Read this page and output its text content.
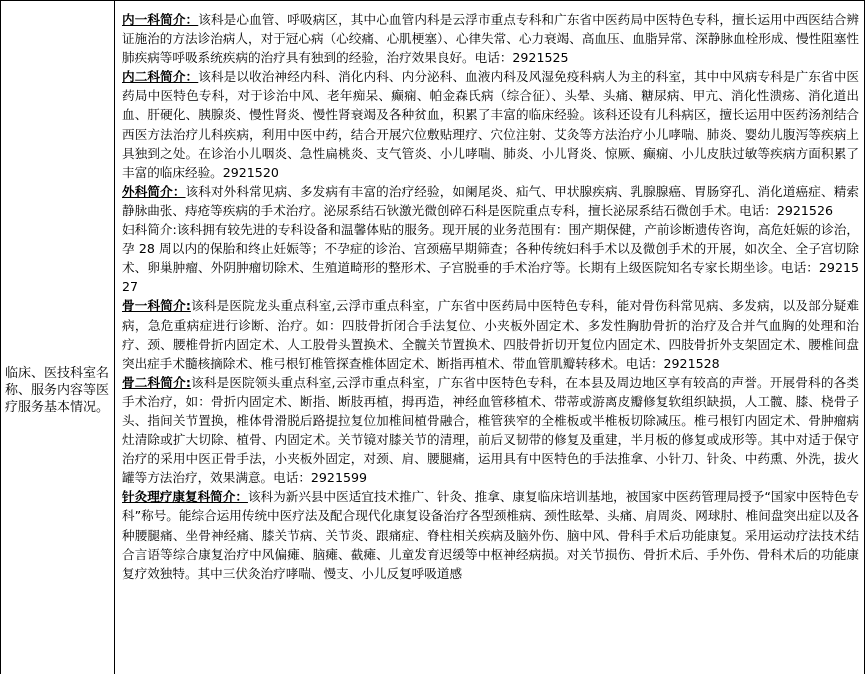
临床、医技科室名称、服务内容等医疗服务基本情况。

内一科简介：该科是心血管、呼吸病区，其中心血管内科是云浮市重点专科和广东省中医药局中医特色专科，擅长运用中西医结合辨证施治的方法诊治病人，对于冠心病（心绞痛、心肌梗塞）、心律失常、心力衰竭、高血压、血脂异常、深静脉血栓形成、慢性阻塞性肺疾病等呼吸系统疾病的治疗具有独到的经验，治疗效果良好。电话：2921525

内二科简介：该科是以收治神经内科、消化内科、内分泌科、血液内科及风湿免疫科病人为主的科室，其中中风病专科是广东省中医药局中医特色专科，对于诊治中风、老年痴呆、癫痫、帕金森氏病（综合征）、头晕、头痛、糖尿病、甲亢、消化性溃疡、消化道出血、肝硬化、胰腺炎、慢性肾炎、慢性肾衰竭及各种贫血，积累了丰富的临床经验。该科还设有儿科病区，擅长运用中医药汤剂结合西医方法治疗儿科疾病，利用中医中药，结合开展穴位敷贴理疗、穴位注射、艾灸等方法治疗小儿哮喘、肺炎、婴幼儿腹泻等疾病上具独到之处。在诊治小儿咽炎、急性扁桃炎、支气管炎、小儿哮喘、肺炎、小儿肾炎、惊厥、癫痫、小儿皮肤过敏等疾病方面积累了丰富的临床经验。2921520

外科简介：该科对外科常见病、多发病有丰富的治疗经验，如阑尾炎、疝气、甲状腺疾病、乳腺腺癌、胃肠穿孔、消化道癌症、精索静脉曲张、痔疮等疾病的手术治疗。泌尿系结石钬激光微创碎石科是医院重点专科，擅长泌尿系结石微创手术。电话：2921526

妇科简介:该科拥有较先进的专科设备和温馨体贴的服务。现开展的业务范围有：围产期保健，产前诊断遗传咨询，高危妊娠的诊治，孕 28 周以内的保胎和终止妊娠等；不孕症的诊治、宫颈癌早期筛查；各种传统妇科手术以及微创手术的开展，如次全、全子宫切除术、卵巢肿瘤、外阴肿瘤切除术、生殖道畸形的整形术、子宫脱垂的手术治疗等。长期有上级医院知名专家长期坐诊。电话：2921527

骨一科简介:该科是医院龙头重点科室,云浮市重点科室，广东省中医药局中医特色专科，能对骨伤科常见病、多发病，以及部分疑难病，急危重病症进行诊断、治疗。如：四肢骨折闭合手法复位、小夹板外固定术、多发性胸肋骨折的治疗及合并气血胸的处理和治疗、颈、腰椎骨折内固定术、人工股骨头置换术、全髋关节置换术、四肢骨折切开复位内固定术、四肢骨折外支架固定术、腰椎间盘突出症手术髓核摘除术、椎弓根钉椎管探查椎体固定术、断指再植术、带血管肌瓣转移术。电话：2921528

骨二科简介:该科是医院领头重点科室,云浮市重点科室，广东省中医特色专科，在本县及周边地区享有较高的声誉。开展骨科的各类手术治疗，如：骨折内固定术、断指、断肢再植，拇再造，神经血管移植术、带蒂或游离皮瓣修复软组织缺损，人工髋、膝、桡骨子头、指间关节置换，椎体骨滑脱后路提拉复位加椎间植骨融合，椎管狭窄的全椎板或半椎板切除减压。椎弓根钉内固定术、骨肿瘤病灶清除或扩大切除、植骨、内固定术。关节镜对膝关节的清理，前后叉韧带的修复及重建，半月板的修复或成形等。其中对适于保守治疗的采用中医正骨手法，小夹板外固定，对颈、肩、腰腿痛，运用具有中医特色的手法推拿、小针刀、针灸、中药熏、外洗，拔火罐等方法治疗，效果满意。电话：2921599

针灸理疗康复科简介：该科为新兴县中医适宜技术推广、针灸、推拿、康复临床培训基地，被国家中医药管理局授予“国家中医特色专科”称号。能综合运用传统中医疗法及配合现代化康复设备治疗各型颈椎病、颈性眩晕、头痛、肩周炎、网球肘、椎间盘突出症以及各种腰腿痛、坐骨神经痛、膝关节病、关节炎、跟痛症、脊柱相关疾病及脑外伤、脑中风、骨科手术后功能康复。采用运动疗法技术结合言语等综合康复治疗中风偏瘫、脑瘫、截瘫、儿童发育迟缓等中枢神经病损。对关节损伤、骨折术后、手外伤、骨科术后的功能康复疗效独特。其中三伏灸治疗哮喘、慢支、小儿反复呼吸道感
